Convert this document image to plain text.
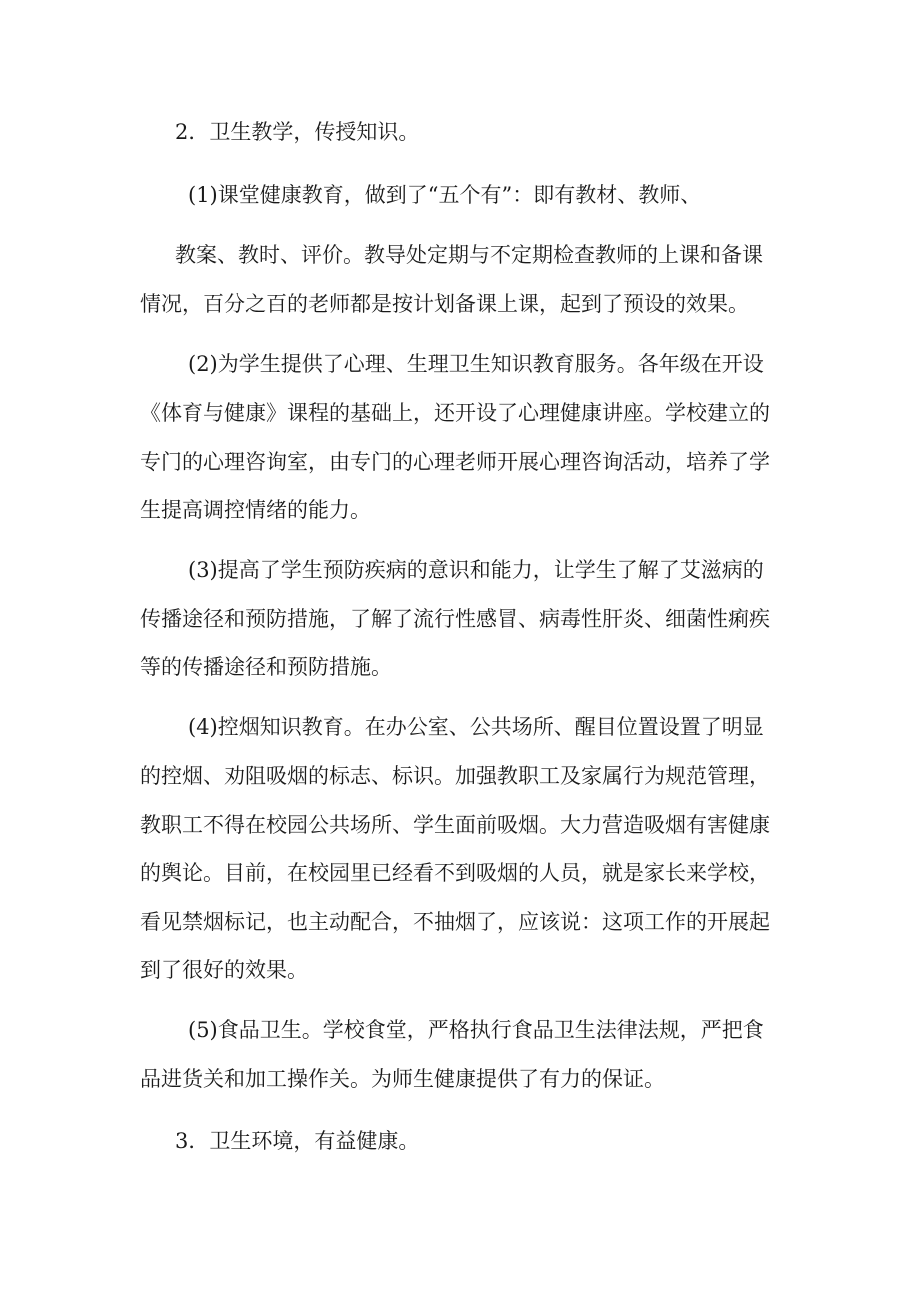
2．卫生教学，传授知识。

(1)课堂健康教育，做到了“五个有”：即有教材、教师、

教案、教时、评价。教导处定期与不定期检查教师的上课和备课

情况，百分之百的老师都是按计划备课上课，起到了预设的效果。

(2)为学生提供了心理、生理卫生知识教育服务。各年级在开设

《体育与健康》课程的基础上，还开设了心理健康讲座。学校建立的

专门的心理咨询室，由专门的心理老师开展心理咨询活动，培养了学

生提高调控情绪的能力。

(3)提高了学生预防疾病的意识和能力，让学生了解了艾滋病的

传播途径和预防措施，了解了流行性感冒、病毒性肝炎、细菌性痢疾

等的传播途径和预防措施。

(4)控烟知识教育。在办公室、公共场所、醒目位置设置了明显

的控烟、劝阻吸烟的标志、标识。加强教职工及家属行为规范管理，

教职工不得在校园公共场所、学生面前吸烟。大力营造吸烟有害健康

的舆论。目前，在校园里已经看不到吸烟的人员，就是家长来学校，

看见禁烟标记，也主动配合，不抽烟了，应该说：这项工作的开展起

到了很好的效果。

(5)食品卫生。学校食堂，严格执行食品卫生法律法规，严把食

品进货关和加工操作关。为师生健康提供了有力的保证。

3．卫生环境，有益健康。
